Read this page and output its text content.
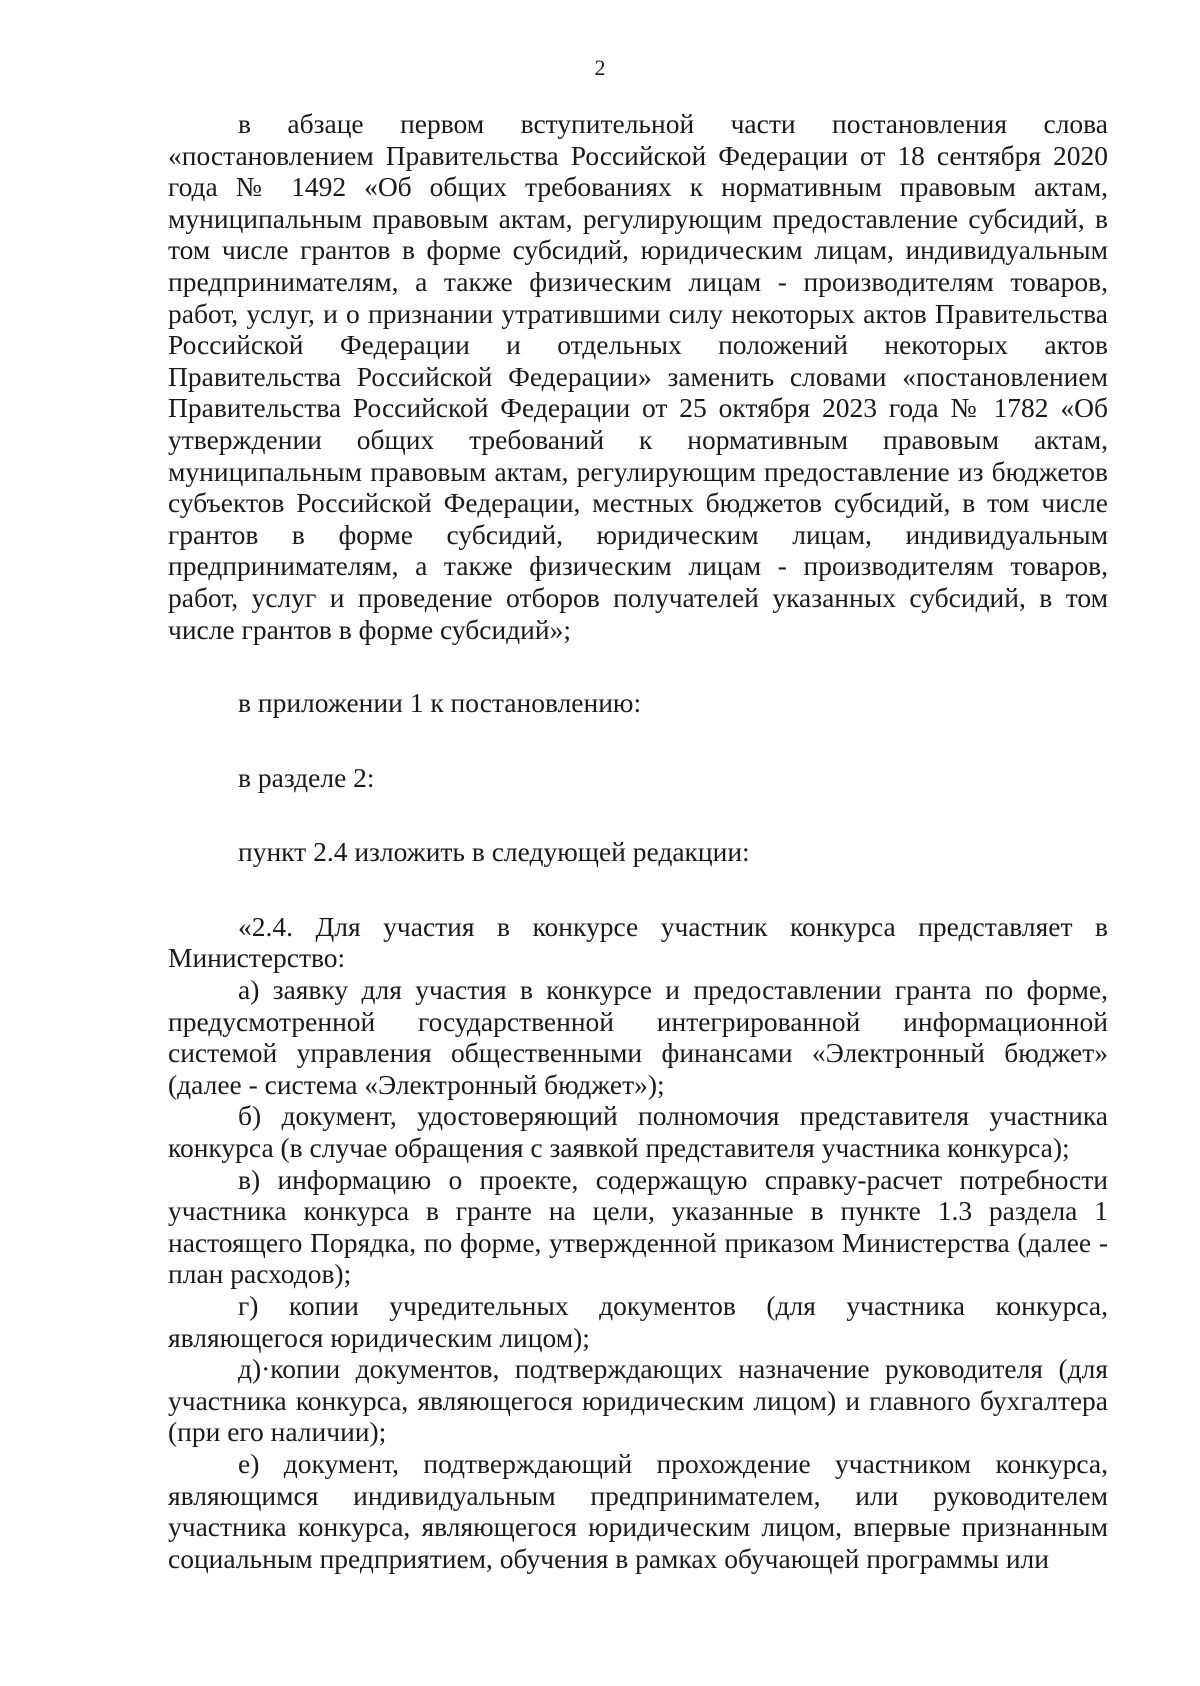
2

в абзаце первом вступительной части постановления слова «постановлением Правительства Российской Федерации от 18 сентября 2020 года № 1492 «Об общих требованиях к нормативным правовым актам, муниципальным правовым актам, регулирующим предоставление субсидий, в том числе грантов в форме субсидий, юридическим лицам, индивидуальным предпринимателям, а также физическим лицам - производителям товаров, работ, услуг, и о признании утратившими силу некоторых актов Правительства Российской Федерации и отдельных положений некоторых актов Правительства Российской Федерации» заменить словами «постановлением Правительства Российской Федерации от 25 октября 2023 года № 1782 «Об утверждении общих требований к нормативным правовым актам, муниципальным правовым актам, регулирующим предоставление из бюджетов субъектов Российской Федерации, местных бюджетов субсидий, в том числе грантов в форме субсидий, юридическим лицам, индивидуальным предпринимателям, а также физическим лицам - производителям товаров, работ, услуг и проведение отборов получателей указанных субсидий, в том числе грантов в форме субсидий»;

в приложении 1 к постановлению:

в разделе 2:

пункт 2.4 изложить в следующей редакции:

«2.4. Для участия в конкурсе участник конкурса представляет в Министерство:

а) заявку для участия в конкурсе и предоставлении гранта по форме, предусмотренной государственной интегрированной информационной системой управления общественными финансами «Электронный бюджет» (далее - система «Электронный бюджет»);

б) документ, удостоверяющий полномочия представителя участника конкурса (в случае обращения с заявкой представителя участника конкурса);

в) информацию о проекте, содержащую справку-расчет потребности участника конкурса в гранте на цели, указанные в пункте 1.3 раздела 1 настоящего Порядка, по форме, утвержденной приказом Министерства (далее - план расходов);

г) копии учредительных документов (для участника конкурса, являющегося юридическим лицом);

д)·копии документов, подтверждающих назначение руководителя (для участника конкурса, являющегося юридическим лицом) и главного бухгалтера (при его наличии);

е) документ, подтверждающий прохождение участником конкурса, являющимся индивидуальным предпринимателем, или руководителем участника конкурса, являющегося юридическим лицом, впервые признанным социальным предприятием, обучения в рамках обучающей программы или
